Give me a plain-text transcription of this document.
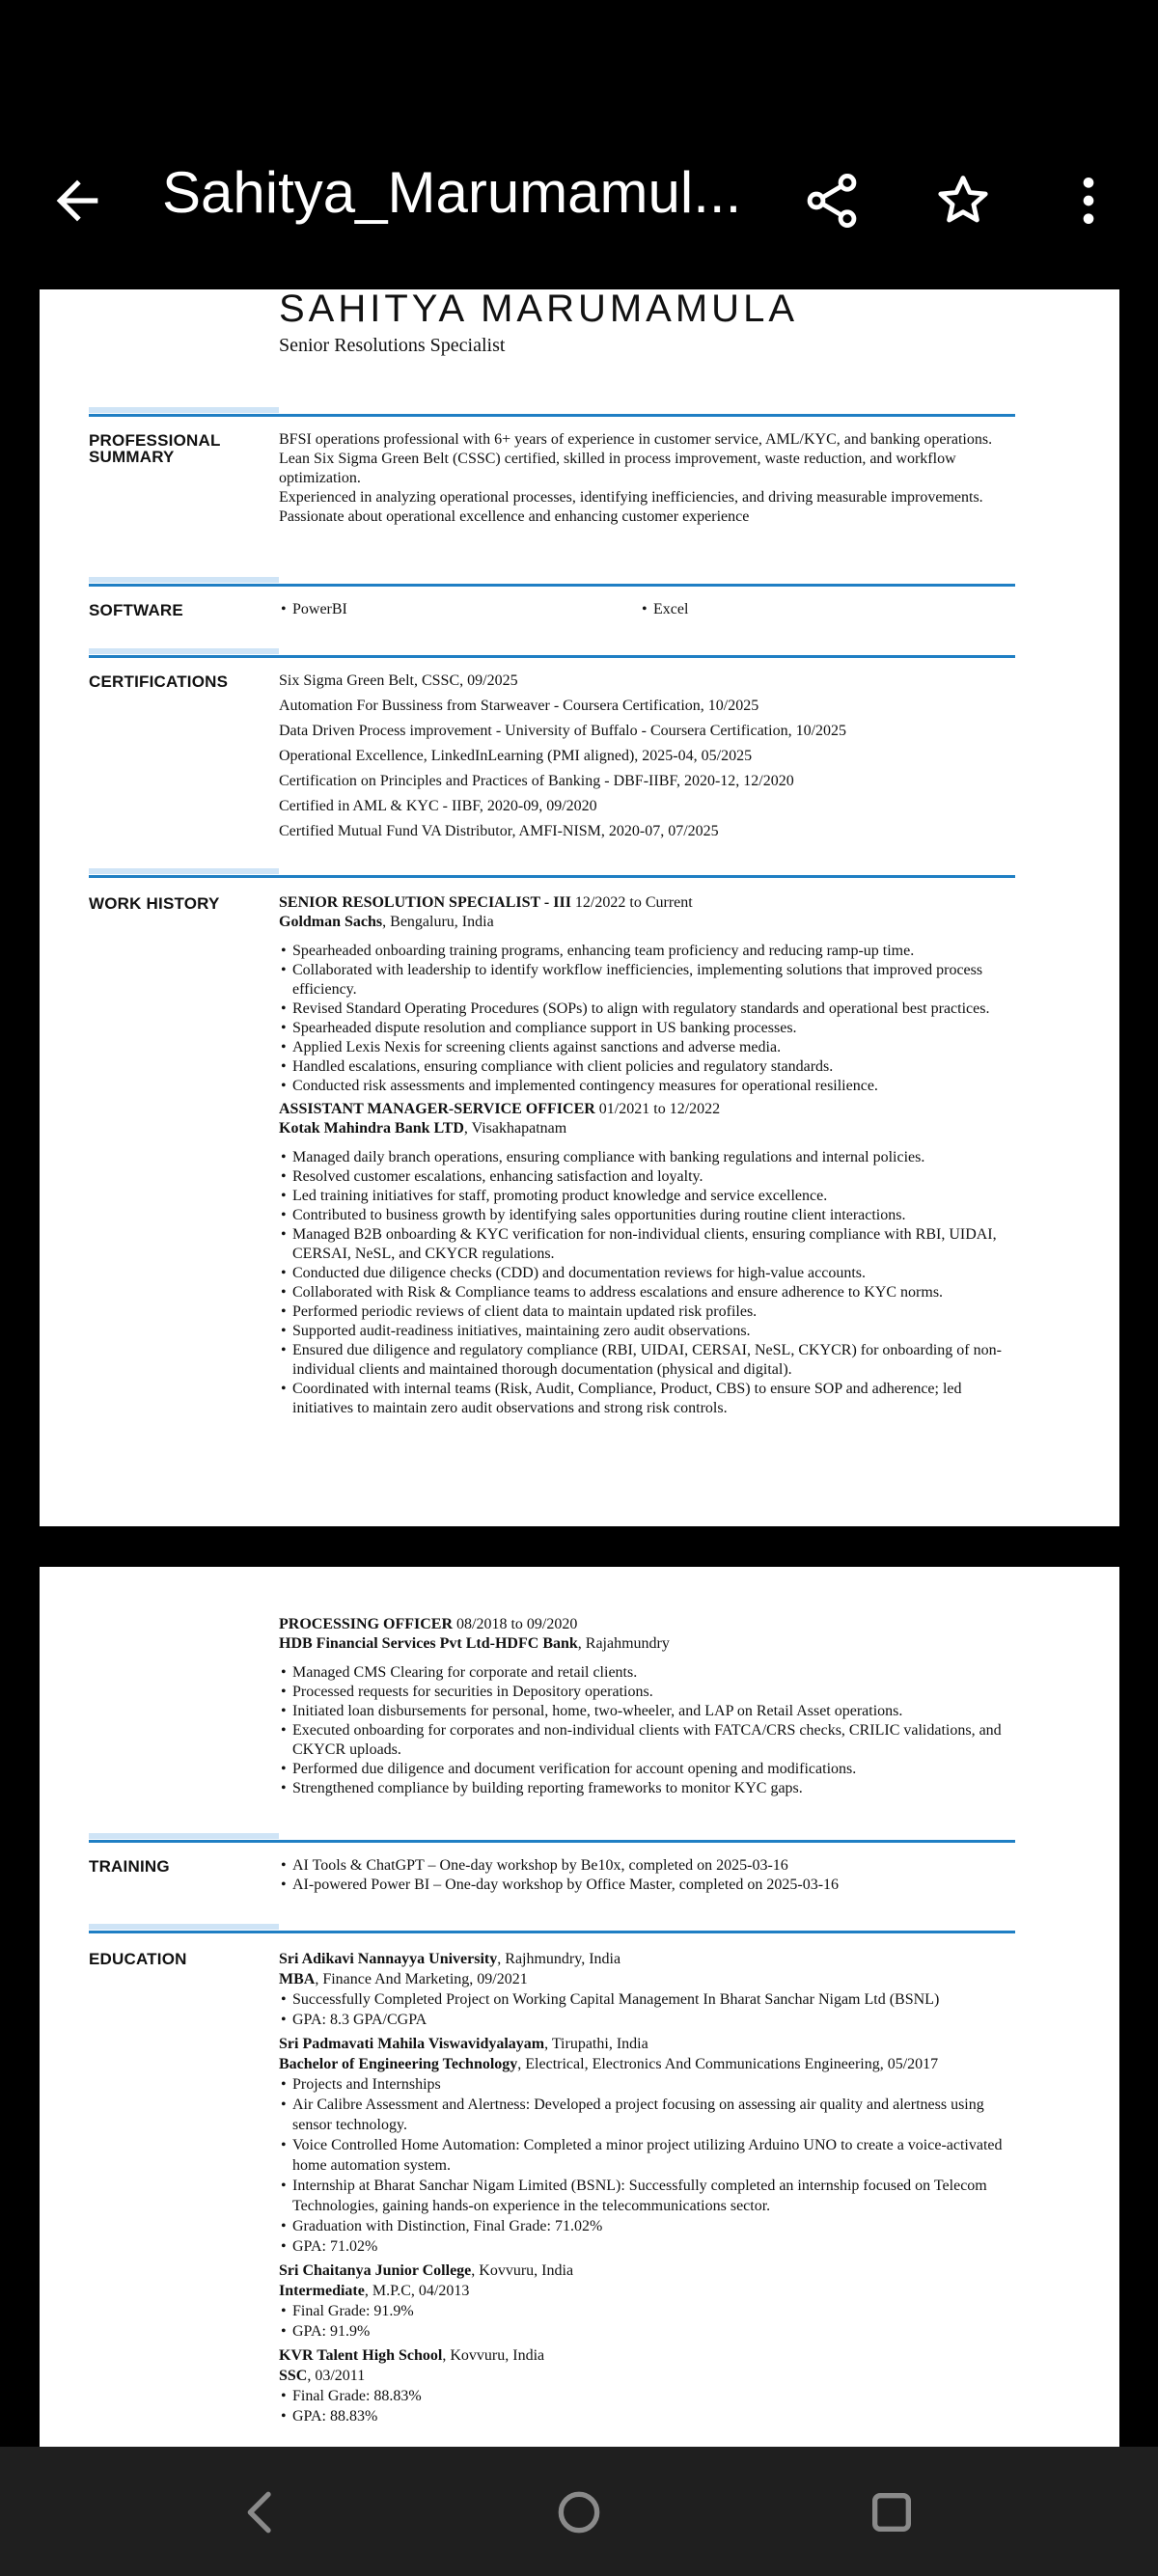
Sahitya_Marumamul...
SAHITYA MARUMAMULA
Senior Resolutions Specialist
PROFESSIONAL SUMMARY

BFSI operations professional with 6+ years of experience in customer service, AML/KYC, and banking operations.

Lean Six Sigma Green Belt (CSSC) certified, skilled in process improvement, waste reduction, and workflow optimization.

Experienced in analyzing operational processes, identifying inefficiencies, and driving measurable improvements. Passionate about operational excellence and enhancing customer experience

SOFTWARE	• PowerBI	• Excel
CERTIFICATIONS	Six Sigma Green Belt, CSSC, 09/2025

Automation For Bussiness from Starweaver - Coursera Certification, 10/2025

Data Driven Process improvement - University of Buffalo - Coursera Certification, 10/2025

Operational Excellence, LinkedInLearning (PMI aligned), 2025-04, 05/2025

Certification on Principles and Practices of Banking - DBF-IIBF, 2020-12, 12/2020

Certified in AML & KYC - IIBF, 2020-09, 09/2020

Certified Mutual Fund VA Distributor, AMFI-NISM, 2020-07, 07/2025

WORK HISTORY	SENIOR RESOLUTION SPECIALIST - III 12/2022 to Current
Goldman Sachs, Bengaluru, India
• Spearheaded onboarding training programs, enhancing team proficiency and reducing ramp-up time.
• Collaborated with leadership to identify workflow inefficiencies, implementing solutions that improved process efficiency.
• Revised Standard Operating Procedures (SOPs) to align with regulatory standards and operational best practices.
• Spearheaded dispute resolution and compliance support in US banking processes.
• Applied Lexis Nexis for screening clients against sanctions and adverse media.
• Handled escalations, ensuring compliance with client policies and regulatory standards.
• Conducted risk assessments and implemented contingency measures for operational resilience.
ASSISTANT MANAGER-SERVICE OFFICER 01/2021 to 12/2022
Kotak Mahindra Bank LTD, Visakhapatnam
• Managed daily branch operations, ensuring compliance with banking regulations and internal policies.
• Resolved customer escalations, enhancing satisfaction and loyalty.
• Led training initiatives for staff, promoting product knowledge and service excellence.
• Contributed to business growth by identifying sales opportunities during routine client interactions.
• Managed B2B onboarding & KYC verification for non-individual clients, ensuring compliance with RBI, UIDAI, CERSAI, NeSL, and CKYCR regulations.
• Conducted due diligence checks (CDD) and documentation reviews for high-value accounts.
• Collaborated with Risk & Compliance teams to address escalations and ensure adherence to KYC norms.
• Performed periodic reviews of client data to maintain updated risk profiles.
• Supported audit-readiness initiatives, maintaining zero audit observations.
• Ensured due diligence and regulatory compliance (RBI, UIDAI, CERSAI, NeSL, CKYCR) for onboarding of non-individual clients and maintained thorough documentation (physical and digital).
• Coordinated with internal teams (Risk, Audit, Compliance, Product, CBS) to ensure SOP and adherence; led initiatives to maintain zero audit observations and strong risk controls.
PROCESSING OFFICER 08/2018 to 09/2020
HDB Financial Services Pvt Ltd-HDFC Bank, Rajahmundry
• Managed CMS Clearing for corporate and retail clients.
• Processed requests for securities in Depository operations.
• Initiated loan disbursements for personal, home, two-wheeler, and LAP on Retail Asset operations.
• Executed onboarding for corporates and non-individual clients with FATCA/CRS checks, CRILIC validations, and CKYCR uploads.
• Performed due diligence and document verification for account opening and modifications.
• Strengthened compliance by building reporting frameworks to monitor KYC gaps.
TRAINING	• AI Tools & ChatGPT – One-day workshop by Be10x, completed on 2025-03-16
• AI-powered Power BI – One-day workshop by Office Master, completed on 2025-03-16
EDUCATION	Sri Adikavi Nannayya University, Rajhmundry, India
MBA, Finance And Marketing, 09/2021
• Successfully Completed Project on Working Capital Management In Bharat Sanchar Nigam Ltd (BSNL)
• GPA: 8.3 GPA/CGPA
Sri Padmavati Mahila Viswavidyalayam, Tirupathi, India
Bachelor of Engineering Technology, Electrical, Electronics And Communications Engineering, 05/2017
• Projects and Internships
• Air Calibre Assessment and Alertness: Developed a project focusing on assessing air quality and alertness using sensor technology.
• Voice Controlled Home Automation: Completed a minor project utilizing Arduino UNO to create a voice-activated home automation system.
• Internship at Bharat Sanchar Nigam Limited (BSNL): Successfully completed an internship focused on Telecom Technologies, gaining hands-on experience in the telecommunications sector.
• Graduation with Distinction, Final Grade: 71.02%
• GPA: 71.02%
Sri Chaitanya Junior College, Kovvuru, India
Intermediate, M.P.C, 04/2013
• Final Grade: 91.9%
• GPA: 91.9%
KVR Talent High School, Kovvuru, India
SSC, 03/2011
• Final Grade: 88.83%
• GPA: 88.83%
